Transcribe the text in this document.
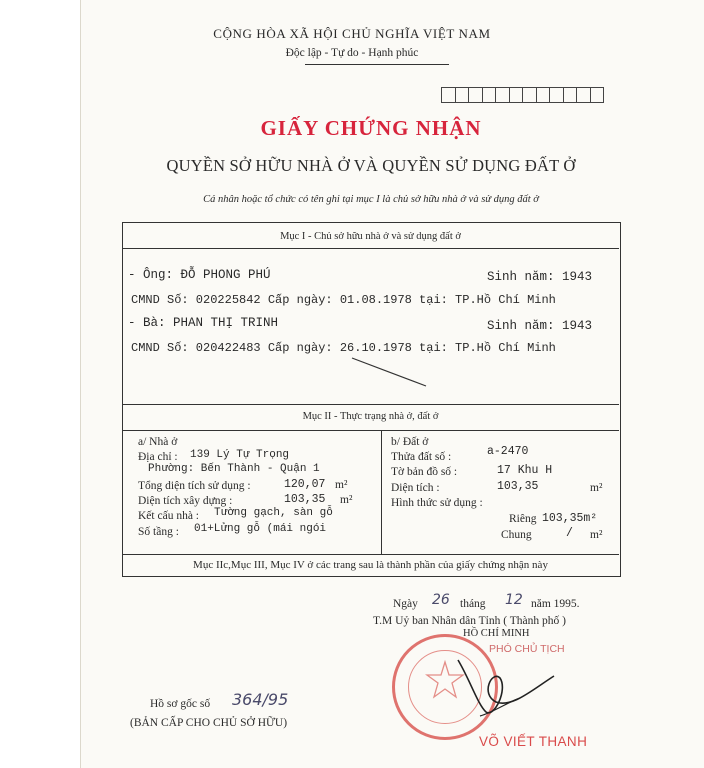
CỘNG HÒA XÃ HỘI CHỦ NGHĨA VIỆT NAM
Độc lập - Tự do - Hạnh phúc
GIẤY CHỨNG NHẬN
QUYỀN SỞ HỮU NHÀ Ở VÀ QUYỀN SỬ DỤNG ĐẤT Ở
Cá nhân hoặc tổ chức có tên ghi tại mục I là chủ sở hữu nhà ở và sử dụng đất ở
Mục I - Chủ sở hữu nhà ở và sử dụng đất ở
- Ông: ĐỖ PHONG PHÚ	Sinh năm: 1943
CMND Số: 020225842 Cấp ngày: 01.08.1978 tại: TP.Hồ Chí Minh
- Bà: PHAN THỊ TRINH	Sinh năm: 1943
CMND Số: 020422483 Cấp ngày: 26.10.1978 tại: TP.Hồ Chí Minh
Mục II - Thực trạng nhà ở, đất ở
a/ Nhà ở
Địa chỉ : 139 Lý Tự Trọng
Phường: Bến Thành - Quận 1
Tổng diện tích sử dụng :	120,07 m²
Diện tích xây dựng :	103,35 m²
Kết cấu nhà : Tường gạch, sàn gỗ
Số tầng : 01+Lửng gỗ (mái ngói
b/ Đất ở
Thửa đất số :	a-2470
Tờ bản đồ số :	17 Khu H
Diện tích :	103,35	m²
Hình thức sử dụng :
Riêng 103,35m²
Chung	/ m²
Mục IIc,Mục III, Mục IV ở các trang sau là thành phần của giấy chứng nhận này
Ngày 26 tháng 12 năm 1995.
T.M Uỷ ban Nhân dân Tỉnh ( Thành phố )
HỒ CHÍ MINH
PHÓ CHỦ TỊCH
VÕ VIẾT THANH
Hồ sơ gốc số 364/95
(BẢN CẤP CHO CHỦ SỞ HỮU)
